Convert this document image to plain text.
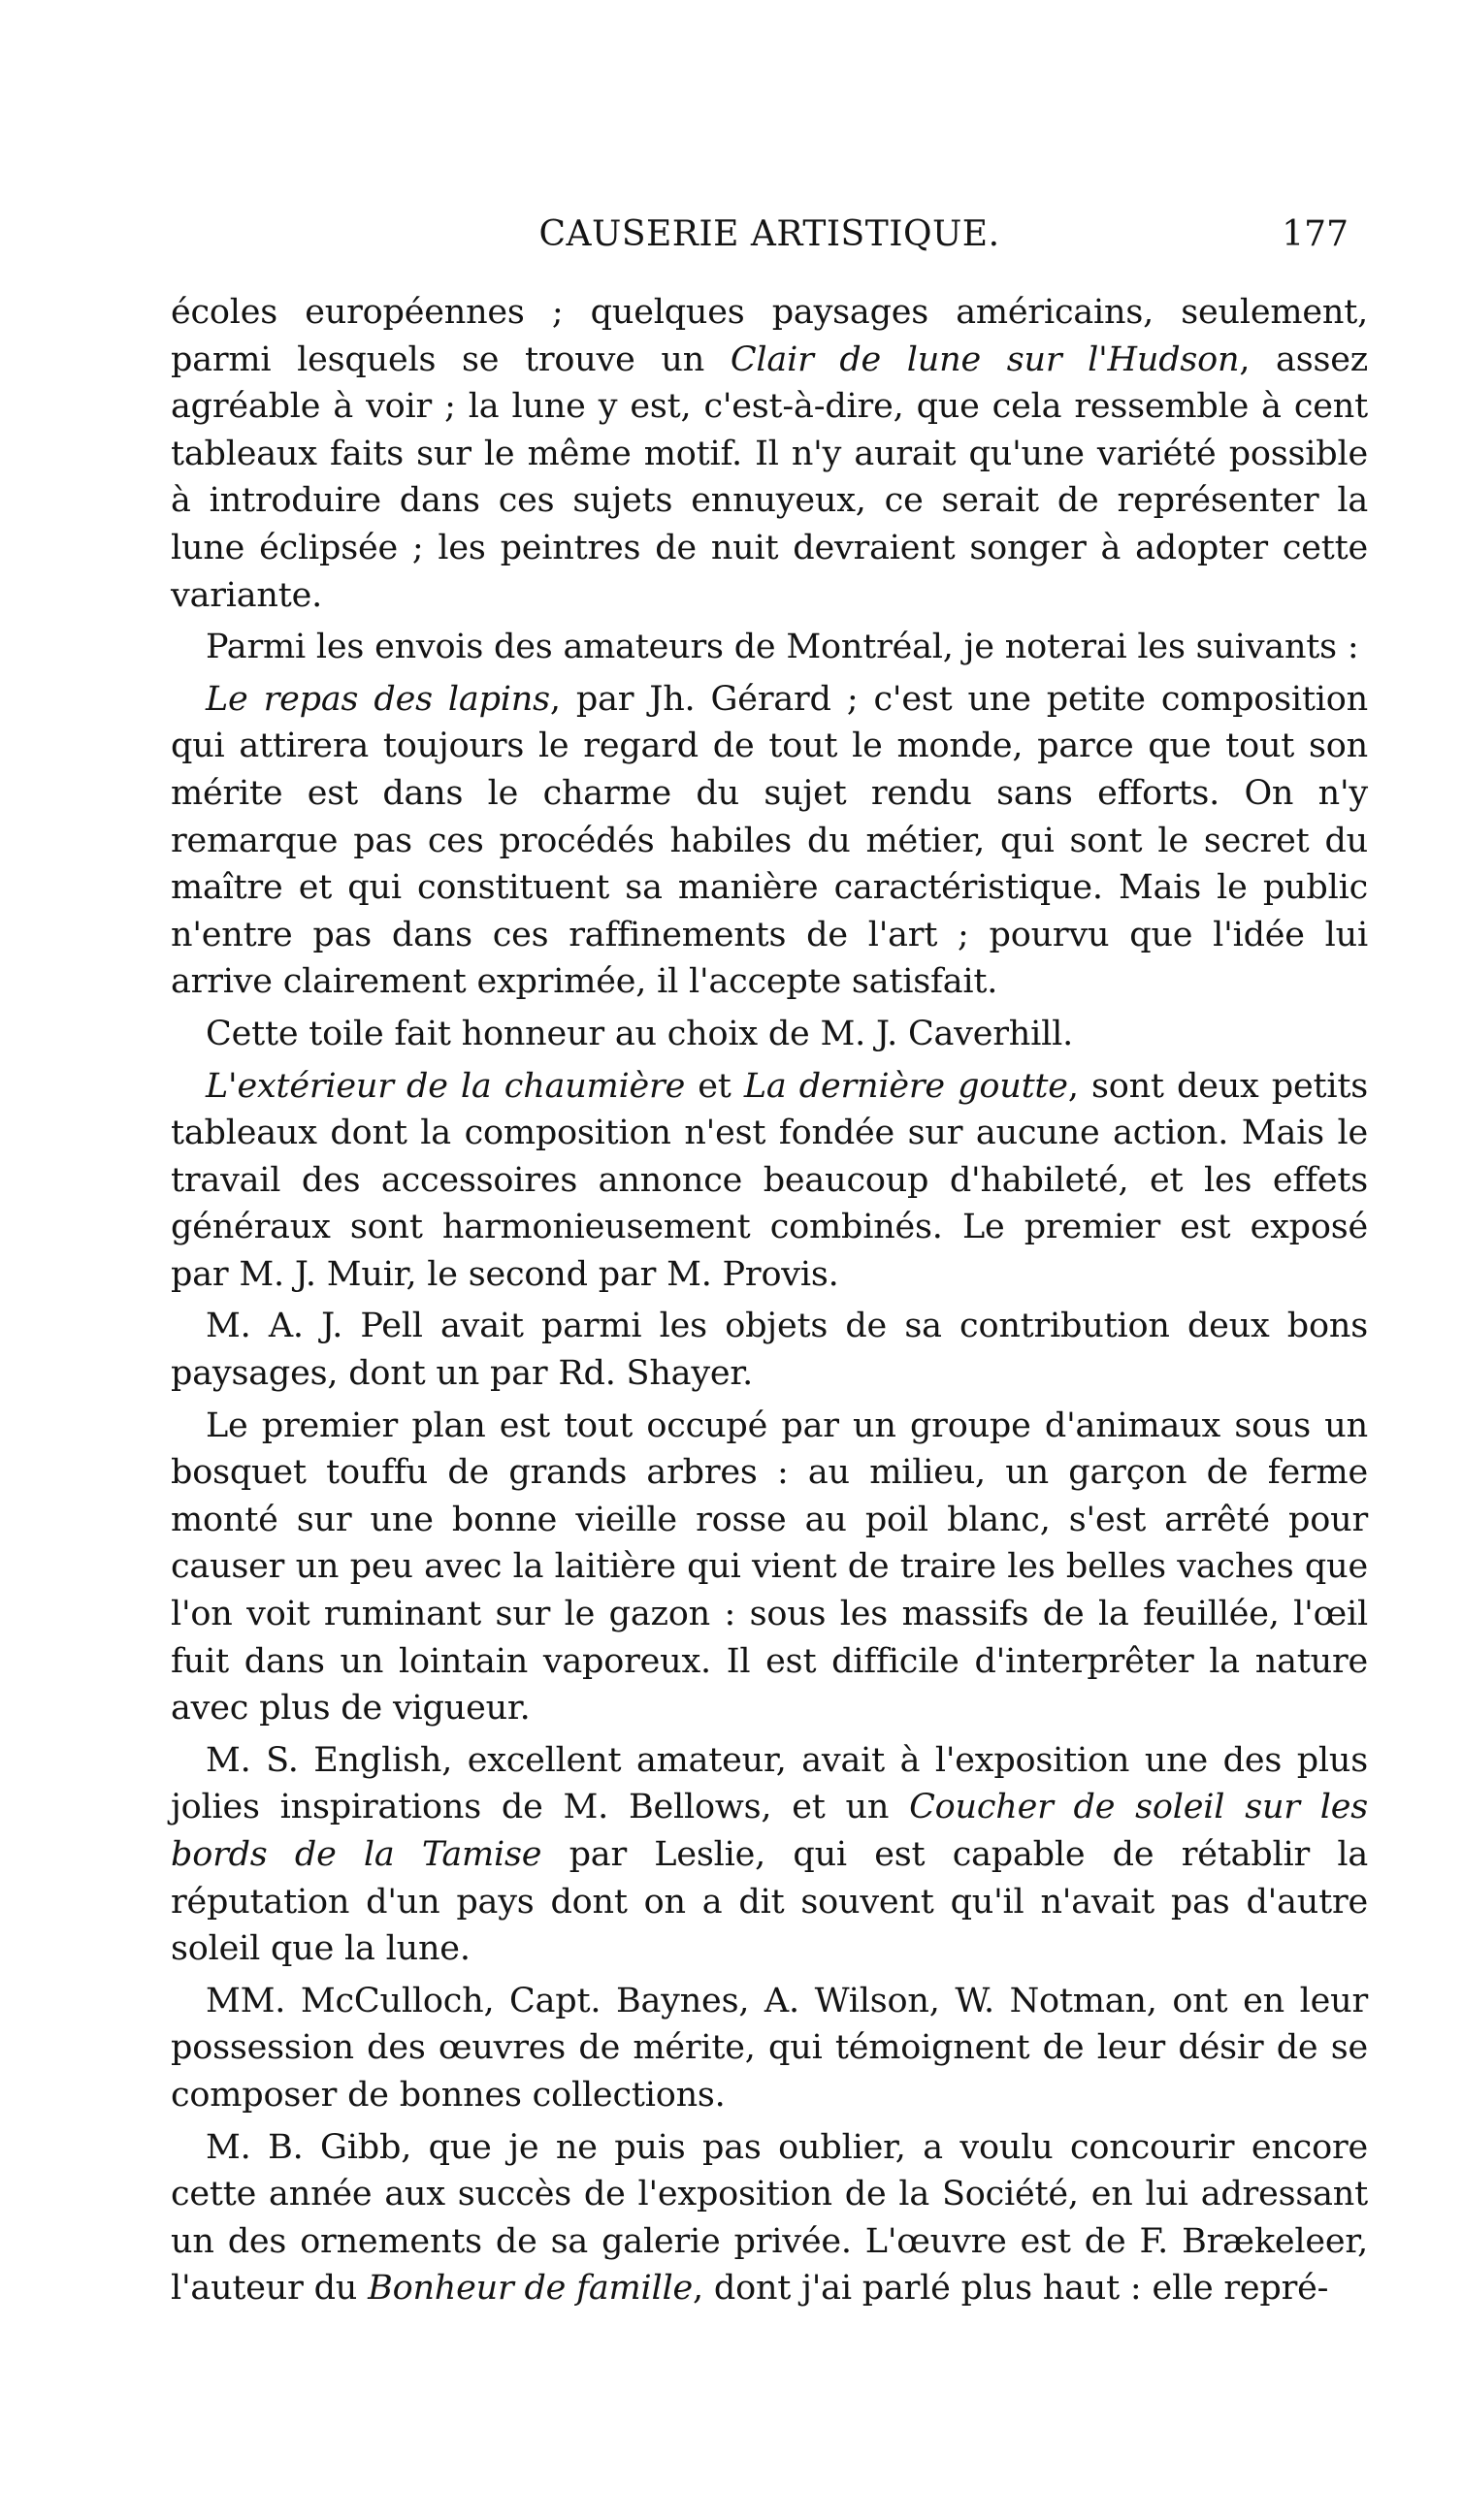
CAUSERIE ARTISTIQUE.	177

écoles européennes ; quelques paysages américains, seulement, parmi lesquels se trouve un Clair de lune sur l'Hudson, assez agréable à voir ; la lune y est, c'est-à-dire, que cela ressemble à cent tableaux faits sur le même motif. Il n'y aurait qu'une variété possible à introduire dans ces sujets ennuyeux, ce serait de représenter la lune éclipsée ; les peintres de nuit devraient songer à adopter cette variante.

Parmi les envois des amateurs de Montréal, je noterai les suivants :

Le repas des lapins, par Jh. Gérard ; c'est une petite composition qui attirera toujours le regard de tout le monde, parce que tout son mérite est dans le charme du sujet rendu sans efforts. On n'y remarque pas ces procédés habiles du métier, qui sont le secret du maître et qui constituent sa manière caractéristique. Mais le public n'entre pas dans ces raffinements de l'art ; pourvu que l'idée lui arrive clairement exprimée, il l'accepte satisfait.

Cette toile fait honneur au choix de M. J. Caverhill.

L'extérieur de la chaumière et La dernière goutte, sont deux petits tableaux dont la composition n'est fondée sur aucune action. Mais le travail des accessoires annonce beaucoup d'habileté, et les effets généraux sont harmonieusement combinés. Le premier est exposé par M. J. Muir, le second par M. Provis.

M. A. J. Pell avait parmi les objets de sa contribution deux bons paysages, dont un par Rd. Shayer.

Le premier plan est tout occupé par un groupe d'animaux sous un bosquet touffu de grands arbres : au milieu, un garçon de ferme monté sur une bonne vieille rosse au poil blanc, s'est arrêté pour causer un peu avec la laitière qui vient de traire les belles vaches que l'on voit ruminant sur le gazon : sous les massifs de la feuillée, l'œil fuit dans un lointain vaporeux. Il est difficile d'interprêter la nature avec plus de vigueur.

M. S. English, excellent amateur, avait à l'exposition une des plus jolies inspirations de M. Bellows, et un Coucher de soleil sur les bords de la Tamise par Leslie, qui est capable de rétablir la réputation d'un pays dont on a dit souvent qu'il n'avait pas d'autre soleil que la lune.

MM. McCulloch, Capt. Baynes, A. Wilson, W. Notman, ont en leur possession des œuvres de mérite, qui témoignent de leur désir de se composer de bonnes collections.

M. B. Gibb, que je ne puis pas oublier, a voulu concourir encore cette année aux succès de l'exposition de la Société, en lui adressant un des ornements de sa galerie privée. L'œuvre est de F. Brækeleer, l'auteur du Bonheur de famille, dont j'ai parlé plus haut : elle repré-
